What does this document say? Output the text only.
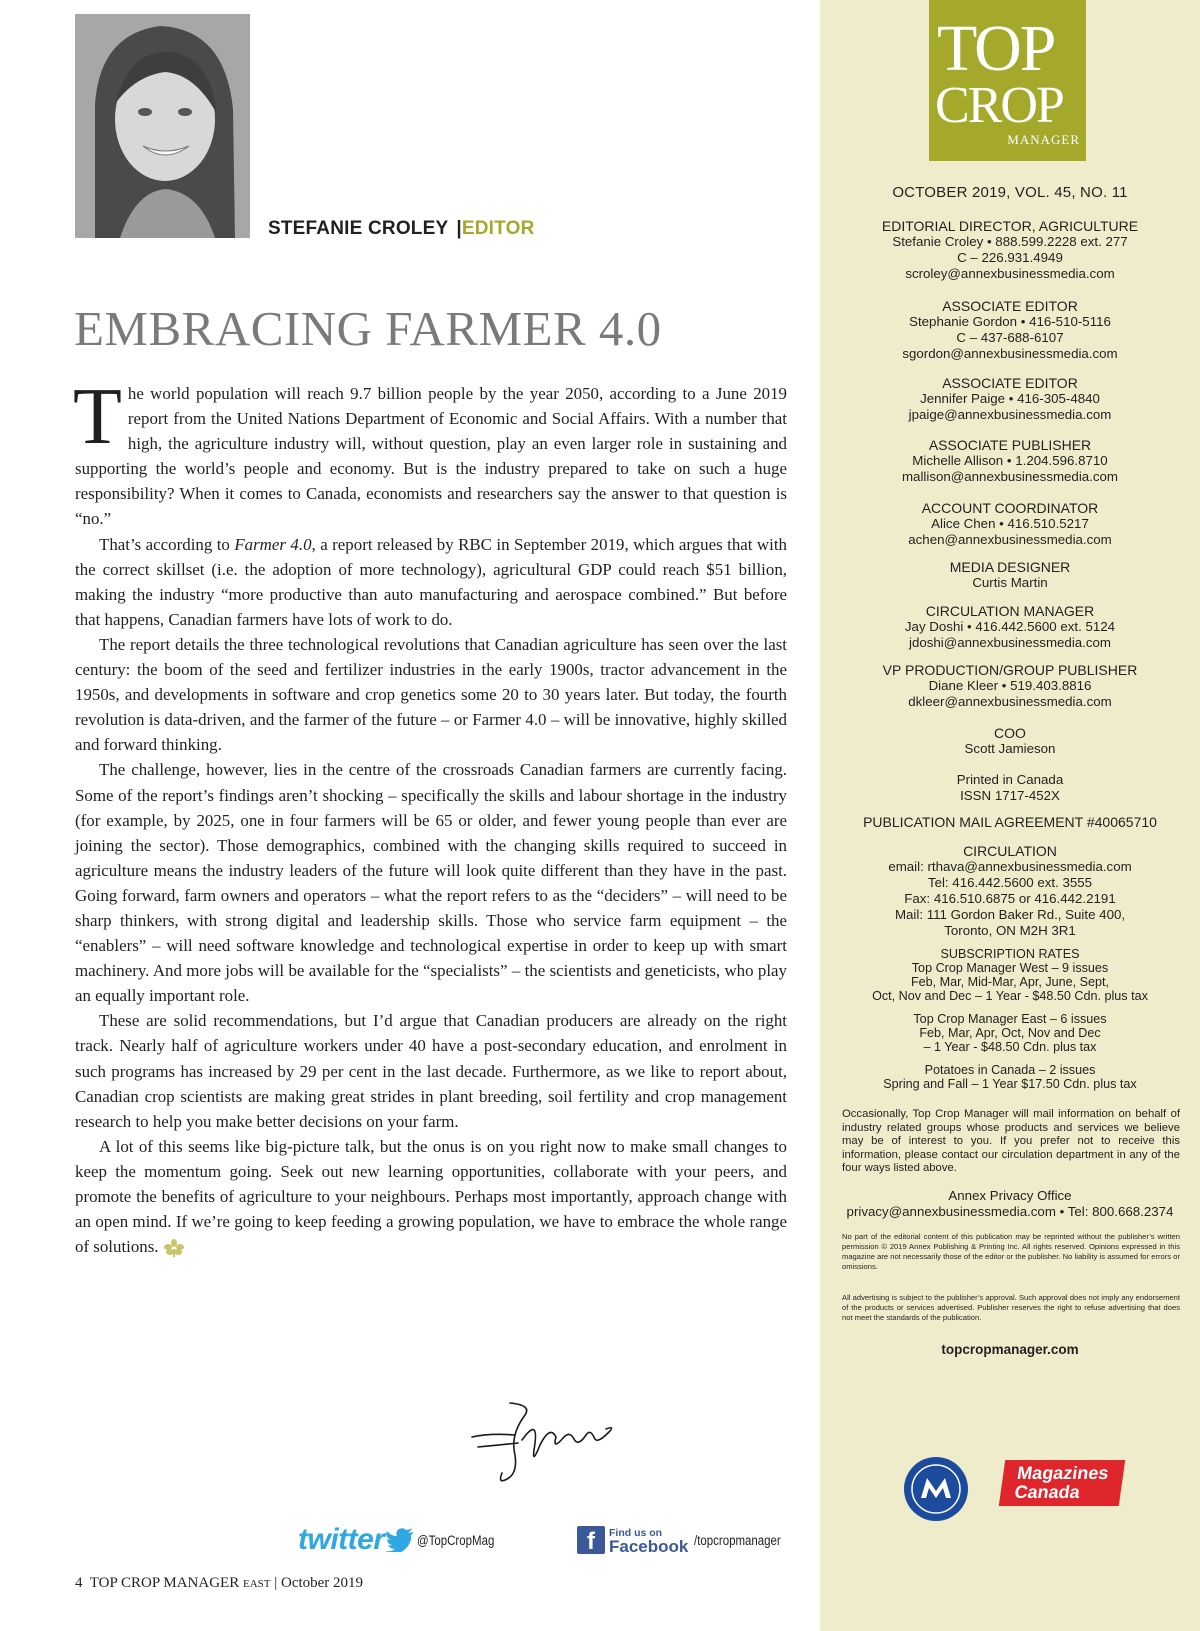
STEFANIE CROLEY |EDITOR
EMBRACING FARMER 4.0

The world population will reach 9.7 billion people by the year 2050, according to a June 2019 report from the United Nations Department of Economic and Social Affairs. With a number that high, the agriculture industry will, without question, play an even larger role in sustaining and supporting the world’s people and economy. But is the industry prepared to take on such a huge responsibility? When it comes to Canada, economists and researchers say the answer to that question is “no.”

That’s according to Farmer 4.0, a report released by RBC in September 2019, which argues that with the correct skillset (i.e. the adoption of more technology), agricultural GDP could reach $51 billion, making the industry “more productive than auto manufacturing and aerospace combined.” But before that happens, Canadian farmers have lots of work to do.

The report details the three technological revolutions that Canadian agriculture has seen over the last century: the boom of the seed and fertilizer industries in the early 1900s, tractor advancement in the 1950s, and developments in software and crop genetics some 20 to 30 years later. But today, the fourth revolution is data-driven, and the farmer of the future – or Farmer 4.0 – will be innovative, highly skilled and forward thinking.

The challenge, however, lies in the centre of the crossroads Canadian farmers are currently facing. Some of the report’s findings aren’t shocking – specifically the skills and labour shortage in the industry (for example, by 2025, one in four farmers will be 65 or older, and fewer young people than ever are joining the sector). Those demographics, combined with the changing skills required to succeed in agriculture means the industry leaders of the future will look quite different than they have in the past. Going forward, farm owners and operators – what the report refers to as the “deciders” – will need to be sharp thinkers, with strong digital and leadership skills. Those who service farm equipment – the “enablers” – will need software knowledge and technological expertise in order to keep up with smart machinery. And more jobs will be available for the “specialists” – the scientists and geneticists, who play an equally important role.

These are solid recommendations, but I’d argue that Canadian producers are already on the right track. Nearly half of agriculture workers under 40 have a post-secondary education, and enrolment in such programs has increased by 29 per cent in the last decade. Furthermore, as we like to report about, Canadian crop scientists are making great strides in plant breeding, soil fertility and crop management research to help you make better decisions on your farm.

A lot of this seems like big-picture talk, but the onus is on you right now to make small changes to keep the momentum going. Seek out new learning opportunities, collaborate with your peers, and promote the benefits of agriculture to your neighbours. Perhaps most importantly, approach change with an open mind. If we’re going to keep feeding a growing population, we have to embrace the whole range of solutions.

twitter @TopCropMag	f	Find us on
Facebook /topcropmanager
4 TOP CROP MANAGER EAST | October 2019
TOP
CROP
MANAGER
OCTOBER 2019, VOL. 45, NO. 11
EDITORIAL DIRECTOR, AGRICULTURE
Stefanie Croley • 888.599.2228 ext. 277
C – 226.931.4949
scroley@annexbusinessmedia.com
ASSOCIATE EDITOR
Stephanie Gordon • 416-510-5116
C – 437-688-6107
sgordon@annexbusinessmedia.com
ASSOCIATE EDITOR
Jennifer Paige • 416-305-4840
jpaige@annexbusinessmedia.com
ASSOCIATE PUBLISHER
Michelle Allison • 1.204.596.8710
mallison@annexbusinessmedia.com
ACCOUNT COORDINATOR
Alice Chen • 416.510.5217
achen@annexbusinessmedia.com
MEDIA DESIGNER
Curtis Martin
CIRCULATION MANAGER
Jay Doshi • 416.442.5600 ext. 5124
jdoshi@annexbusinessmedia.com
VP PRODUCTION/GROUP PUBLISHER
Diane Kleer • 519.403.8816
dkleer@annexbusinessmedia.com
COO
Scott Jamieson
Printed in Canada
ISSN 1717-452X
PUBLICATION MAIL AGREEMENT #40065710
CIRCULATION
email: rthava@annexbusinessmedia.com
Tel: 416.442.5600 ext. 3555
Fax: 416.510.6875 or 416.442.2191
Mail: 111 Gordon Baker Rd., Suite 400,
Toronto, ON M2H 3R1
SUBSCRIPTION RATES
Top Crop Manager West – 9 issues
Feb, Mar, Mid-Mar, Apr, June, Sept,
Oct, Nov and Dec – 1 Year - $48.50 Cdn. plus tax
Top Crop Manager East – 6 issues
Feb, Mar, Apr, Oct, Nov and Dec
– 1 Year - $48.50 Cdn. plus tax
Potatoes in Canada – 2 issues
Spring and Fall – 1 Year $17.50 Cdn. plus tax

Occasionally, Top Crop Manager will mail information on behalf of industry related groups whose products and services we believe may be of interest to you. If you prefer not to receive this information, please contact our circulation department in any of the four ways listed above.

Annex Privacy Office
privacy@annexbusinessmedia.com • Tel: 800.668.2374

No part of the editorial content of this publication may be reprinted without the publisher’s written permission © 2019 Annex Publishing & Printing Inc. All rights reserved. Opinions expressed in this magazine are not necessarily those of the editor or the publisher. No liability is assumed for errors or omissions.

All advertising is subject to the publisher’s approval. Such approval does not imply any endorsement of the products or services advertised. Publisher reserves the right to refuse advertising that does not meet the standards of the publication.

topcropmanager.com
Magazines
Canada
